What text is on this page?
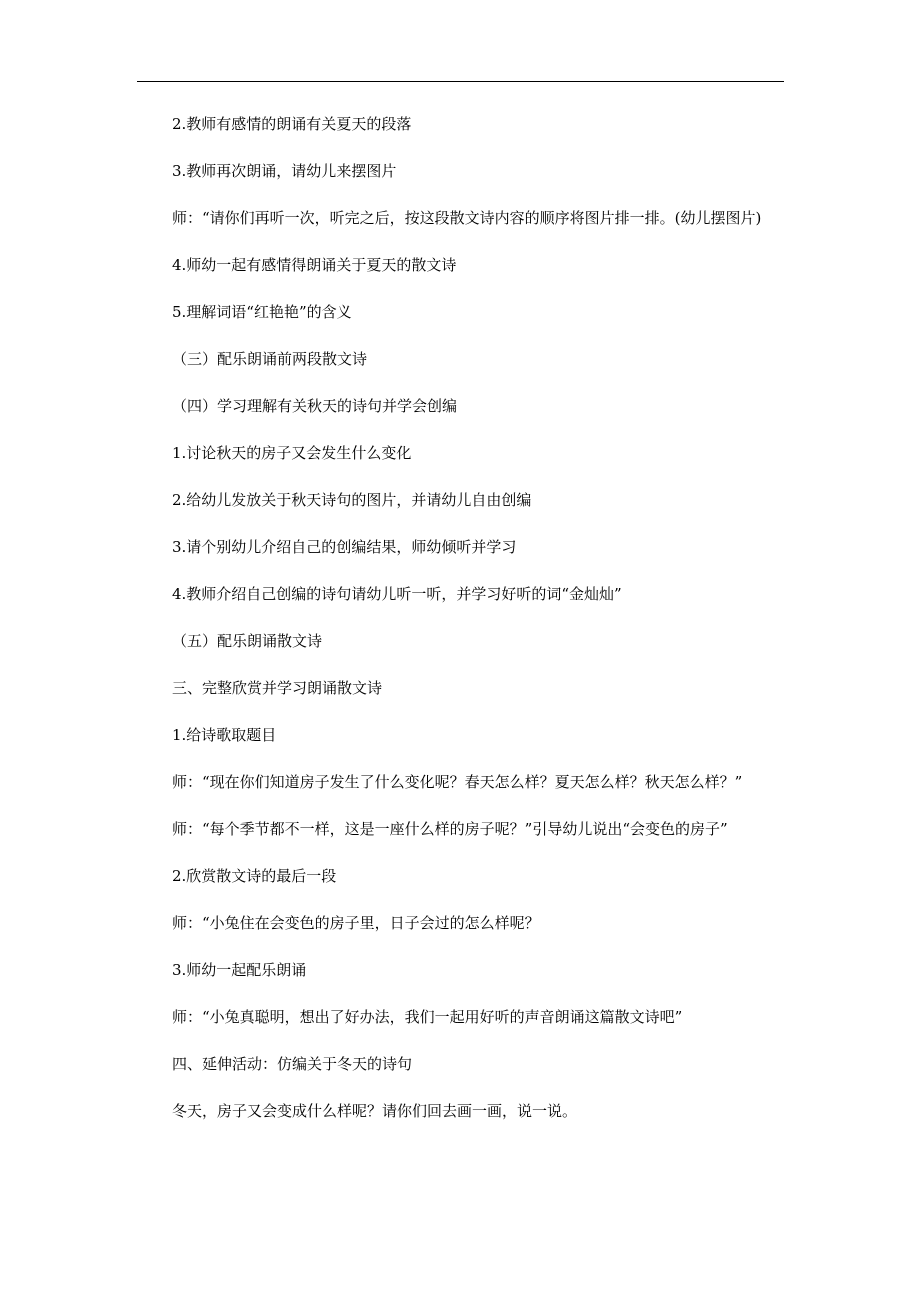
2.教师有感情的朗诵有关夏天的段落

3.教师再次朗诵，请幼儿来摆图片

师：“请你们再听一次，听完之后，按这段散文诗内容的顺序将图片排一排。(幼儿摆图片)

4.师幼一起有感情得朗诵关于夏天的散文诗

5.理解词语“红艳艳”的含义

（三）配乐朗诵前两段散文诗

（四）学习理解有关秋天的诗句并学会创编

1.讨论秋天的房子又会发生什么变化

2.给幼儿发放关于秋天诗句的图片，并请幼儿自由创编

3.请个别幼儿介绍自己的创编结果，师幼倾听并学习

4.教师介绍自己创编的诗句请幼儿听一听，并学习好听的词“金灿灿”

（五）配乐朗诵散文诗

三、完整欣赏并学习朗诵散文诗

1.给诗歌取题目

师：“现在你们知道房子发生了什么变化呢？春天怎么样？夏天怎么样？秋天怎么样？”

师：“每个季节都不一样，这是一座什么样的房子呢？”引导幼儿说出“会变色的房子”

2.欣赏散文诗的最后一段

师：“小兔住在会变色的房子里，日子会过的怎么样呢？

3.师幼一起配乐朗诵

师：“小兔真聪明，想出了好办法，我们一起用好听的声音朗诵这篇散文诗吧”

四、延伸活动：仿编关于冬天的诗句

冬天，房子又会变成什么样呢？请你们回去画一画，说一说。
